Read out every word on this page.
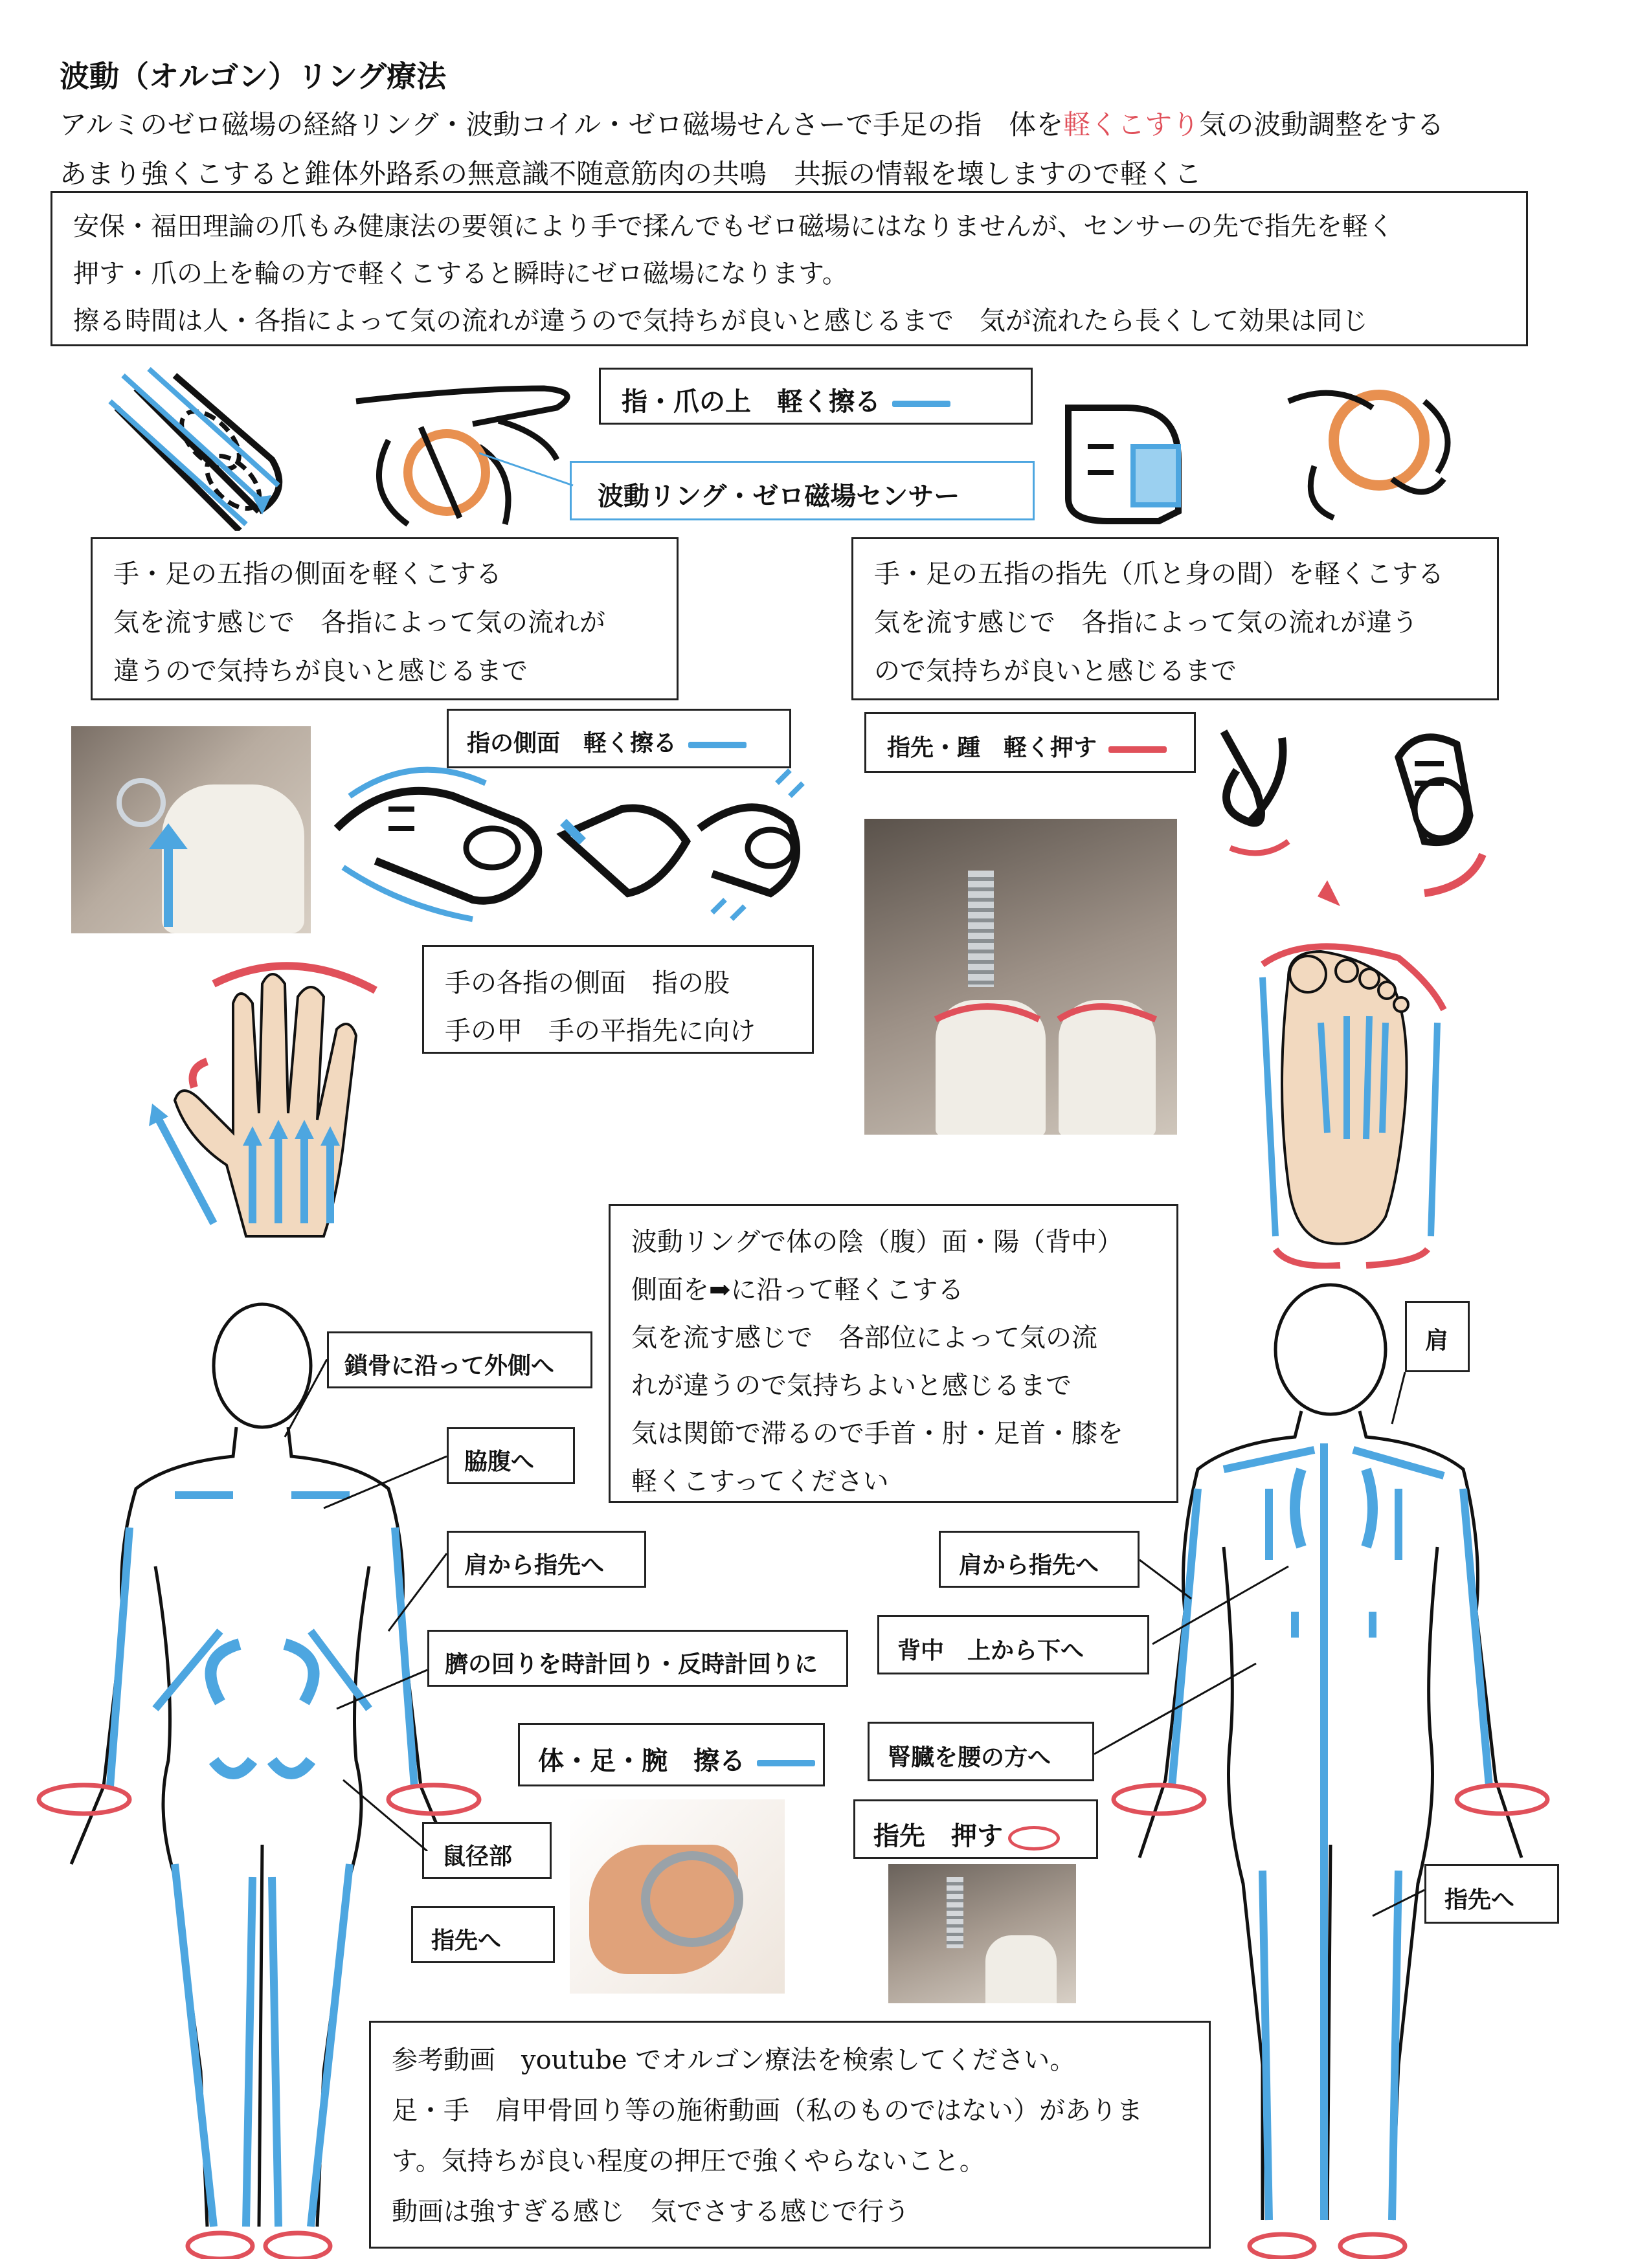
波動（オルゴン）リング療法
アルミのゼロ磁場の経絡リング・波動コイル・ゼロ磁場せんさーで手足の指　体を軽くこすり気の波動調整をする
あまり強くこすると錐体外路系の無意識不随意筋肉の共鳴　共振の情報を壊しますので軽くこ
安保・福田理論の爪もみ健康法の要領により手で揉んでもゼロ磁場にはなりませんが、センサーの先で指先を軽く
押す・爪の上を輪の方で軽くこすると瞬時にゼロ磁場になります。
擦る時間は人・各指によって気の流れが違うので気持ちが良いと感じるまで　気が流れたら長くして効果は同じ
指・爪の上　軽く擦る
波動リング・ゼロ磁場センサー
手・足の五指の側面を軽くこする
気を流す感じで　各指によって気の流れが
違うので気持ちが良いと感じるまで
手・足の五指の指先（爪と身の間）を軽くこする
気を流す感じで　各指によって気の流れが違う
ので気持ちが良いと感じるまで
指の側面　軽く擦る	指先・踵　軽く押す
手の各指の側面　指の股
手の甲　手の平指先に向け
波動リングで体の陰（腹）面・陽（背中）
側面を➡に沿って軽くこする
気を流す感じで　各部位によって気の流
れが違うので気持ちよいと感じるまで
気は関節で滞るので手首・肘・足首・膝を
軽くこすってください
鎖骨に沿って外側へ
脇腹へ
肩から指先へ
臍の回りを時計回り・反時計回りに
鼠径部
指先へ
体・足・腕　擦る
指先　押す
肩
肩から指先へ
背中　上から下へ
腎臓を腰の方へ
指先へ
参考動画　youtube でオルゴン療法を検索してください。
足・手　肩甲骨回り等の施術動画（私のものではない）がありま
す。気持ちが良い程度の押圧で強くやらないこと。
動画は強すぎる感じ　気でさする感じで行う
